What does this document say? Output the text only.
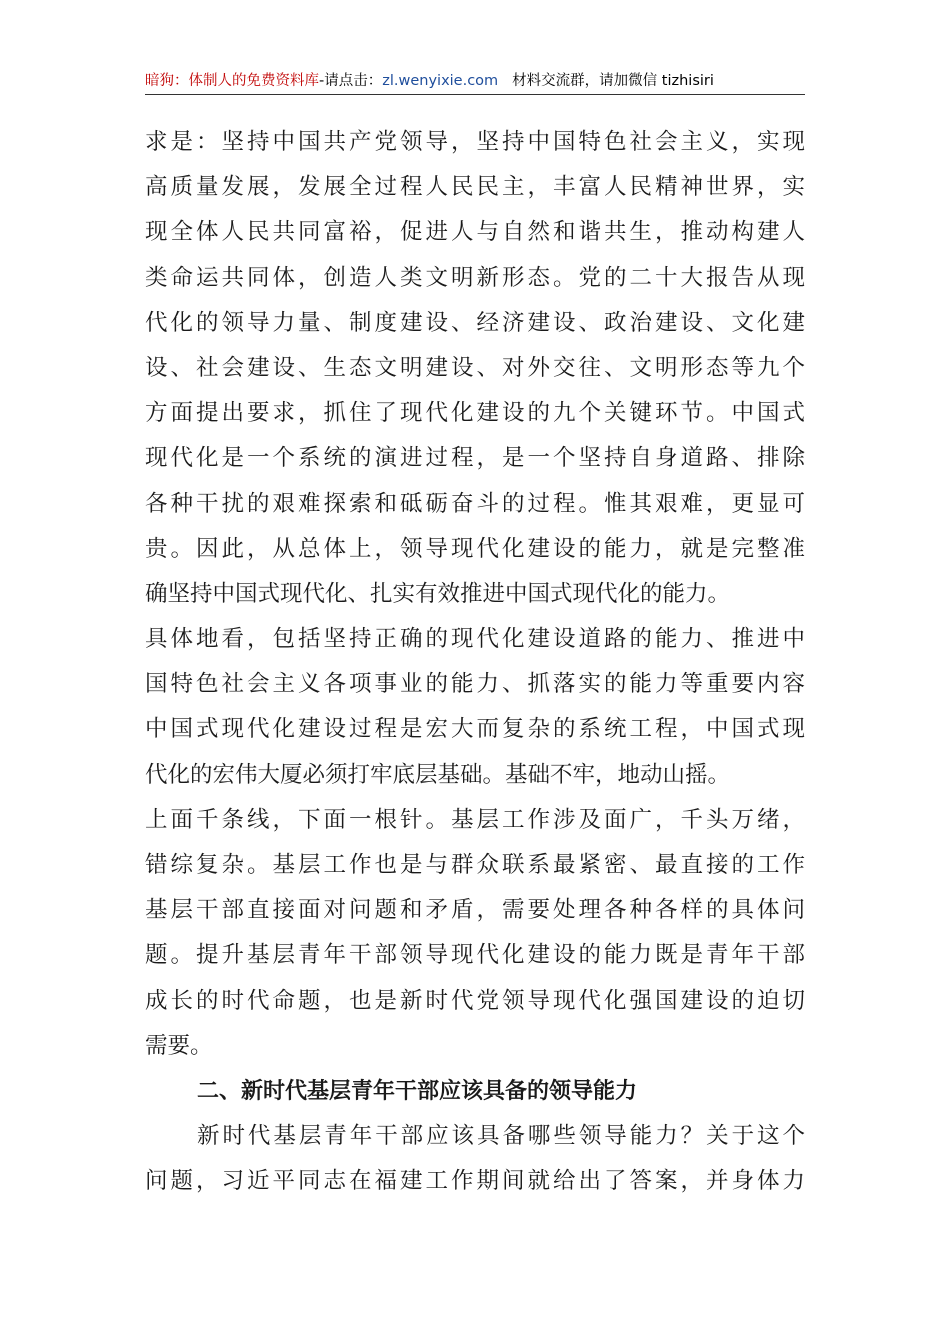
暗狗：体制人的免费资料库-请点击：zl.wenyixie.com 材料交流群，请加微信 tizhisiri
求是：坚持中国共产党领导，坚持中国特色社会主义，实现
高质量发展，发展全过程人民民主，丰富人民精神世界，实
现全体人民共同富裕，促进人与自然和谐共生，推动构建人
类命运共同体，创造人类文明新形态。党的二十大报告从现
代化的领导力量、制度建设、经济建设、政治建设、文化建
设、社会建设、生态文明建设、对外交往、文明形态等九个
方面提出要求，抓住了现代化建设的九个关键环节。中国式
现代化是一个系统的演进过程，是一个坚持自身道路、排除
各种干扰的艰难探索和砥砺奋斗的过程。惟其艰难，更显可
贵。因此，从总体上，领导现代化建设的能力，就是完整准
确坚持中国式现代化、扎实有效推进中国式现代化的能力。
具体地看，包括坚持正确的现代化建设道路的能力、推进中
国特色社会主义各项事业的能力、抓落实的能力等重要内容
中国式现代化建设过程是宏大而复杂的系统工程，中国式现
代化的宏伟大厦必须打牢底层基础。基础不牢，地动山摇。
上面千条线，下面一根针。基层工作涉及面广，千头万绪，
错综复杂。基层工作也是与群众联系最紧密、最直接的工作
基层干部直接面对问题和矛盾，需要处理各种各样的具体问
题。提升基层青年干部领导现代化建设的能力既是青年干部
成长的时代命题，也是新时代党领导现代化强国建设的迫切
需要。
二、新时代基层青年干部应该具备的领导能力
新时代基层青年干部应该具备哪些领导能力？关于这个
问题，习近平同志在福建工作期间就给出了答案，并身体力
